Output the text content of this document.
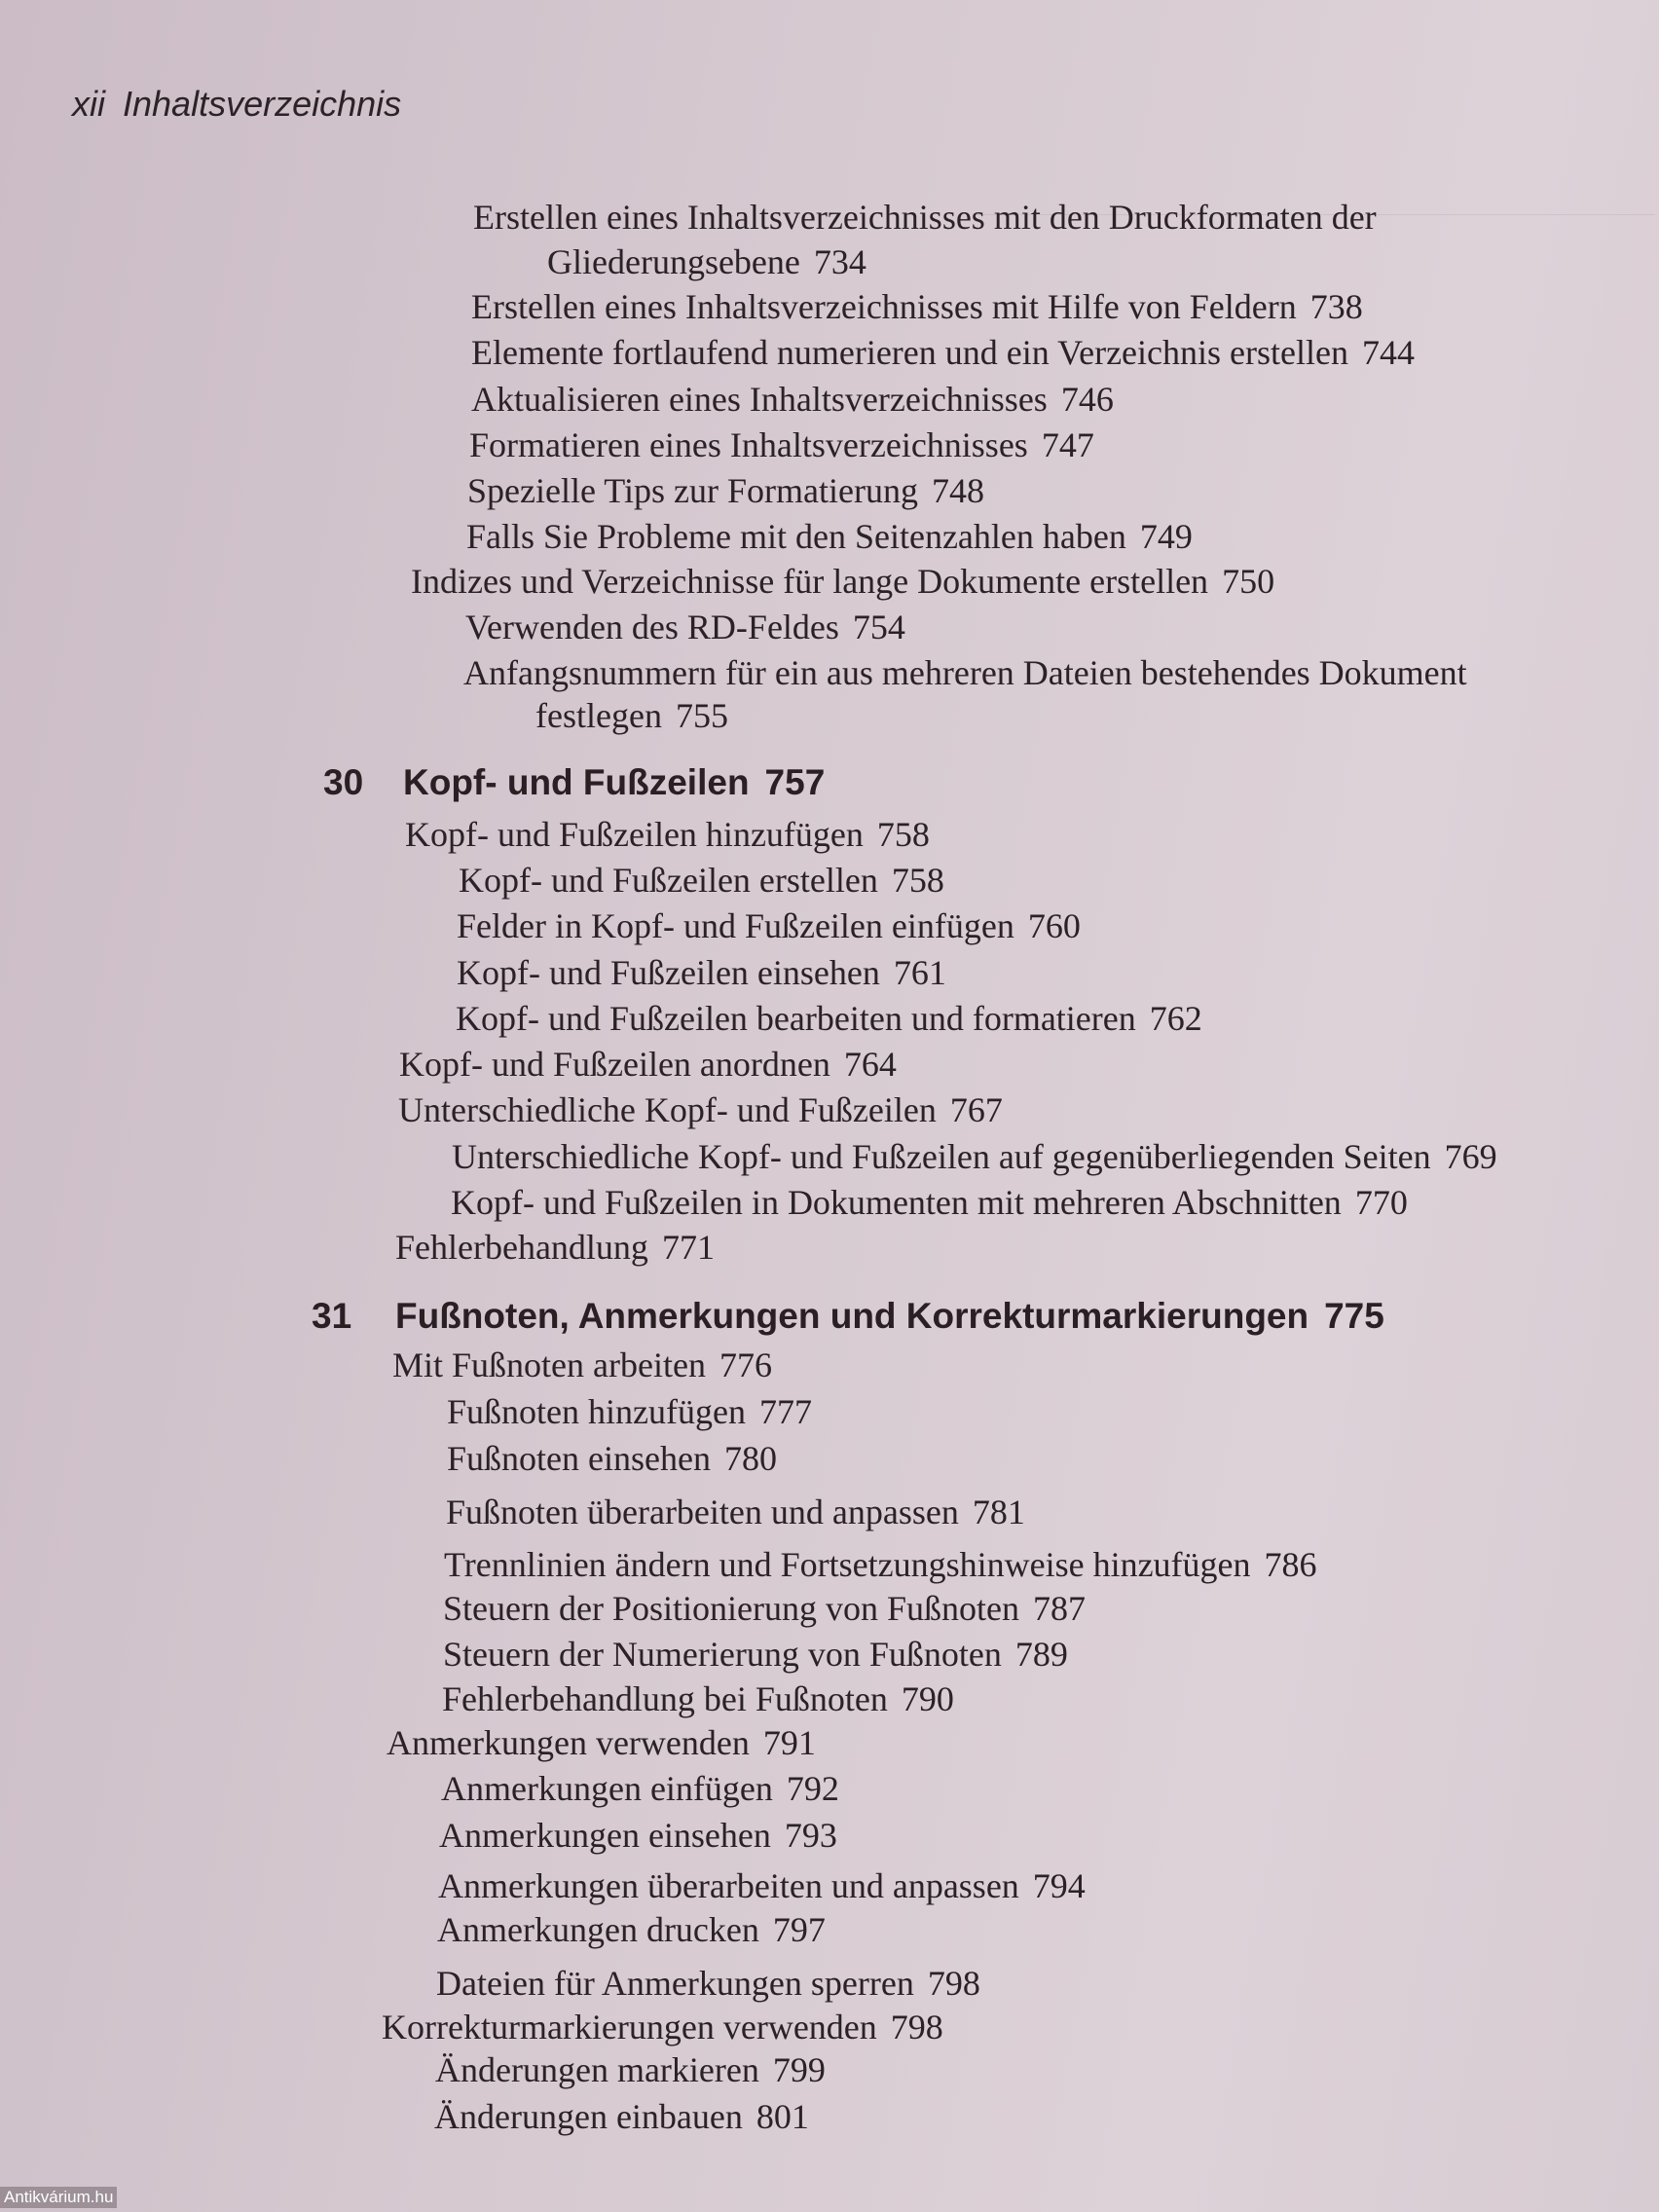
xii Inhaltsverzeichnis
Erstellen eines Inhaltsverzeichnisses mit den Druckformaten der
Gliederungsebene 734
Erstellen eines Inhaltsverzeichnisses mit Hilfe von Feldern 738
Elemente fortlaufend numerieren und ein Verzeichnis erstellen 744
Aktualisieren eines Inhaltsverzeichnisses 746
Formatieren eines Inhaltsverzeichnisses 747
Spezielle Tips zur Formatierung 748
Falls Sie Probleme mit den Seitenzahlen haben 749
Indizes und Verzeichnisse für lange Dokumente erstellen 750
Verwenden des RD-Feldes 754
Anfangsnummern für ein aus mehreren Dateien bestehendes Dokument
festlegen 755
30 Kopf- und Fußzeilen 757
Kopf- und Fußzeilen hinzufügen 758
Kopf- und Fußzeilen erstellen 758
Felder in Kopf- und Fußzeilen einfügen 760
Kopf- und Fußzeilen einsehen 761
Kopf- und Fußzeilen bearbeiten und formatieren 762
Kopf- und Fußzeilen anordnen 764
Unterschiedliche Kopf- und Fußzeilen 767
Unterschiedliche Kopf- und Fußzeilen auf gegenüberliegenden Seiten 769
Kopf- und Fußzeilen in Dokumenten mit mehreren Abschnitten 770
Fehlerbehandlung 771
31 Fußnoten, Anmerkungen und Korrekturmarkierungen 775
Mit Fußnoten arbeiten 776
Fußnoten hinzufügen 777
Fußnoten einsehen 780
Fußnoten überarbeiten und anpassen 781
Trennlinien ändern und Fortsetzungshinweise hinzufügen 786
Steuern der Positionierung von Fußnoten 787
Steuern der Numerierung von Fußnoten 789
Fehlerbehandlung bei Fußnoten 790
Anmerkungen verwenden 791
Anmerkungen einfügen 792
Anmerkungen einsehen 793
Anmerkungen überarbeiten und anpassen 794
Anmerkungen drucken 797
Dateien für Anmerkungen sperren 798
Korrekturmarkierungen verwenden 798
Änderungen markieren 799
Änderungen einbauen 801
Antikvárium.hu
